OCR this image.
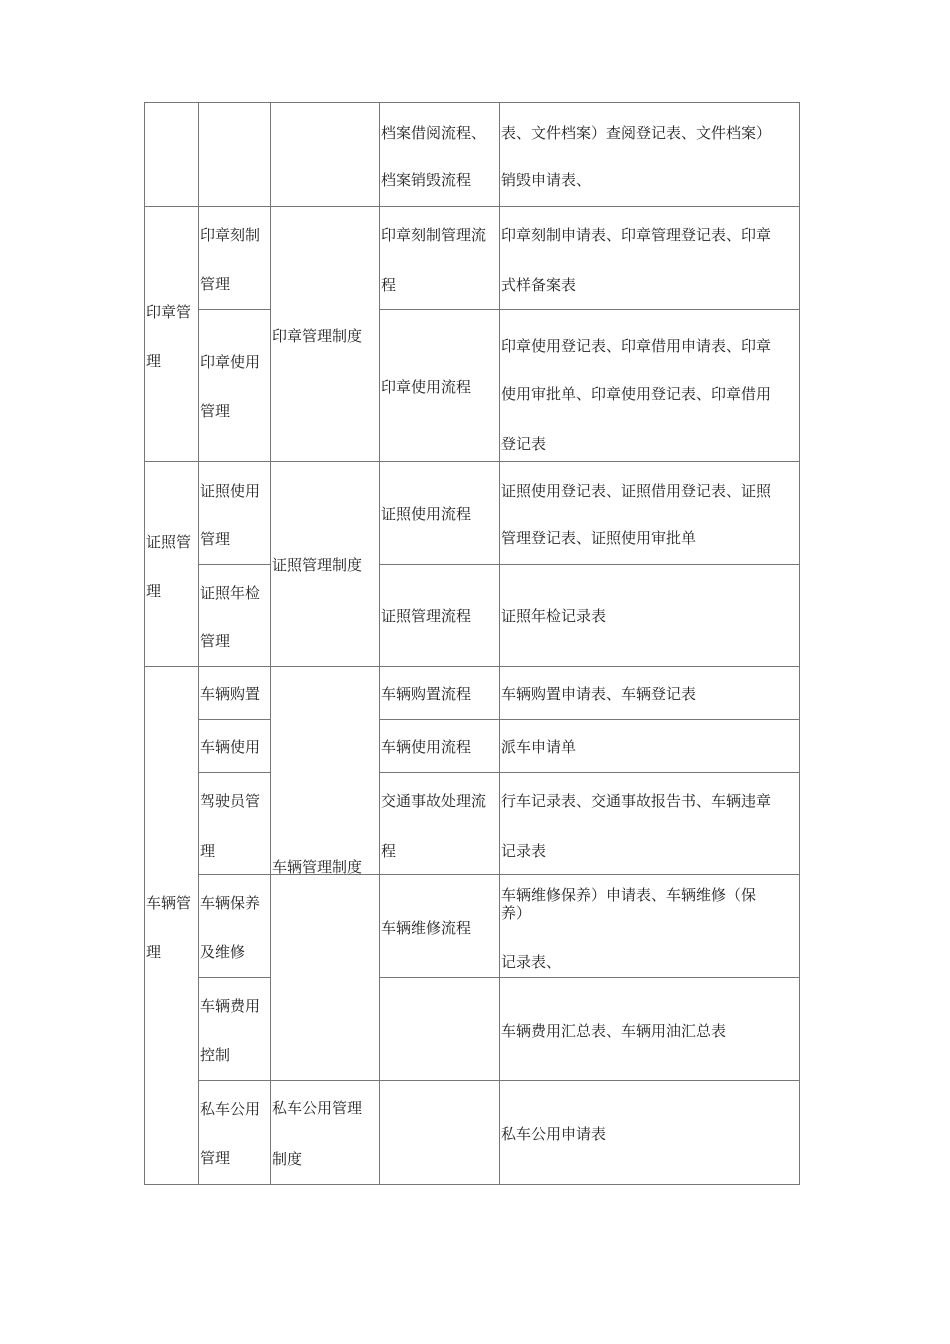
档案借阅流程、
档案销毁流程
表、文件档案）查阅登记表、文件档案）
销毁申请表、
印章管
理
印章刻制
管理
印章使用
管理
印章管理制度
印章刻制管理流
程
印章使用流程
印章刻制申请表、印章管理登记表、印章
式样备案表
印章使用登记表、印章借用申请表、印章
使用审批单、印章使用登记表、印章借用
登记表
证照管
理
证照使用
管理
证照年检
管理
证照管理制度
证照使用流程
证照管理流程
证照使用登记表、证照借用登记表、证照
管理登记表、证照使用审批单
证照年检记录表
车辆管
理
车辆购置
车辆使用
驾驶员管
理
车辆保养
及维修
车辆费用
控制
私车公用
管理
车辆管理制度
私车公用管理
制度
车辆购置流程
车辆使用流程
交通事故处理流
程
车辆维修流程
车辆购置申请表、车辆登记表
派车申请单
行车记录表、交通事故报告书、车辆违章
记录表
车辆维修保养）申请表、车辆维修（保
养）
记录表、
车辆费用汇总表、车辆用油汇总表
私车公用申请表
